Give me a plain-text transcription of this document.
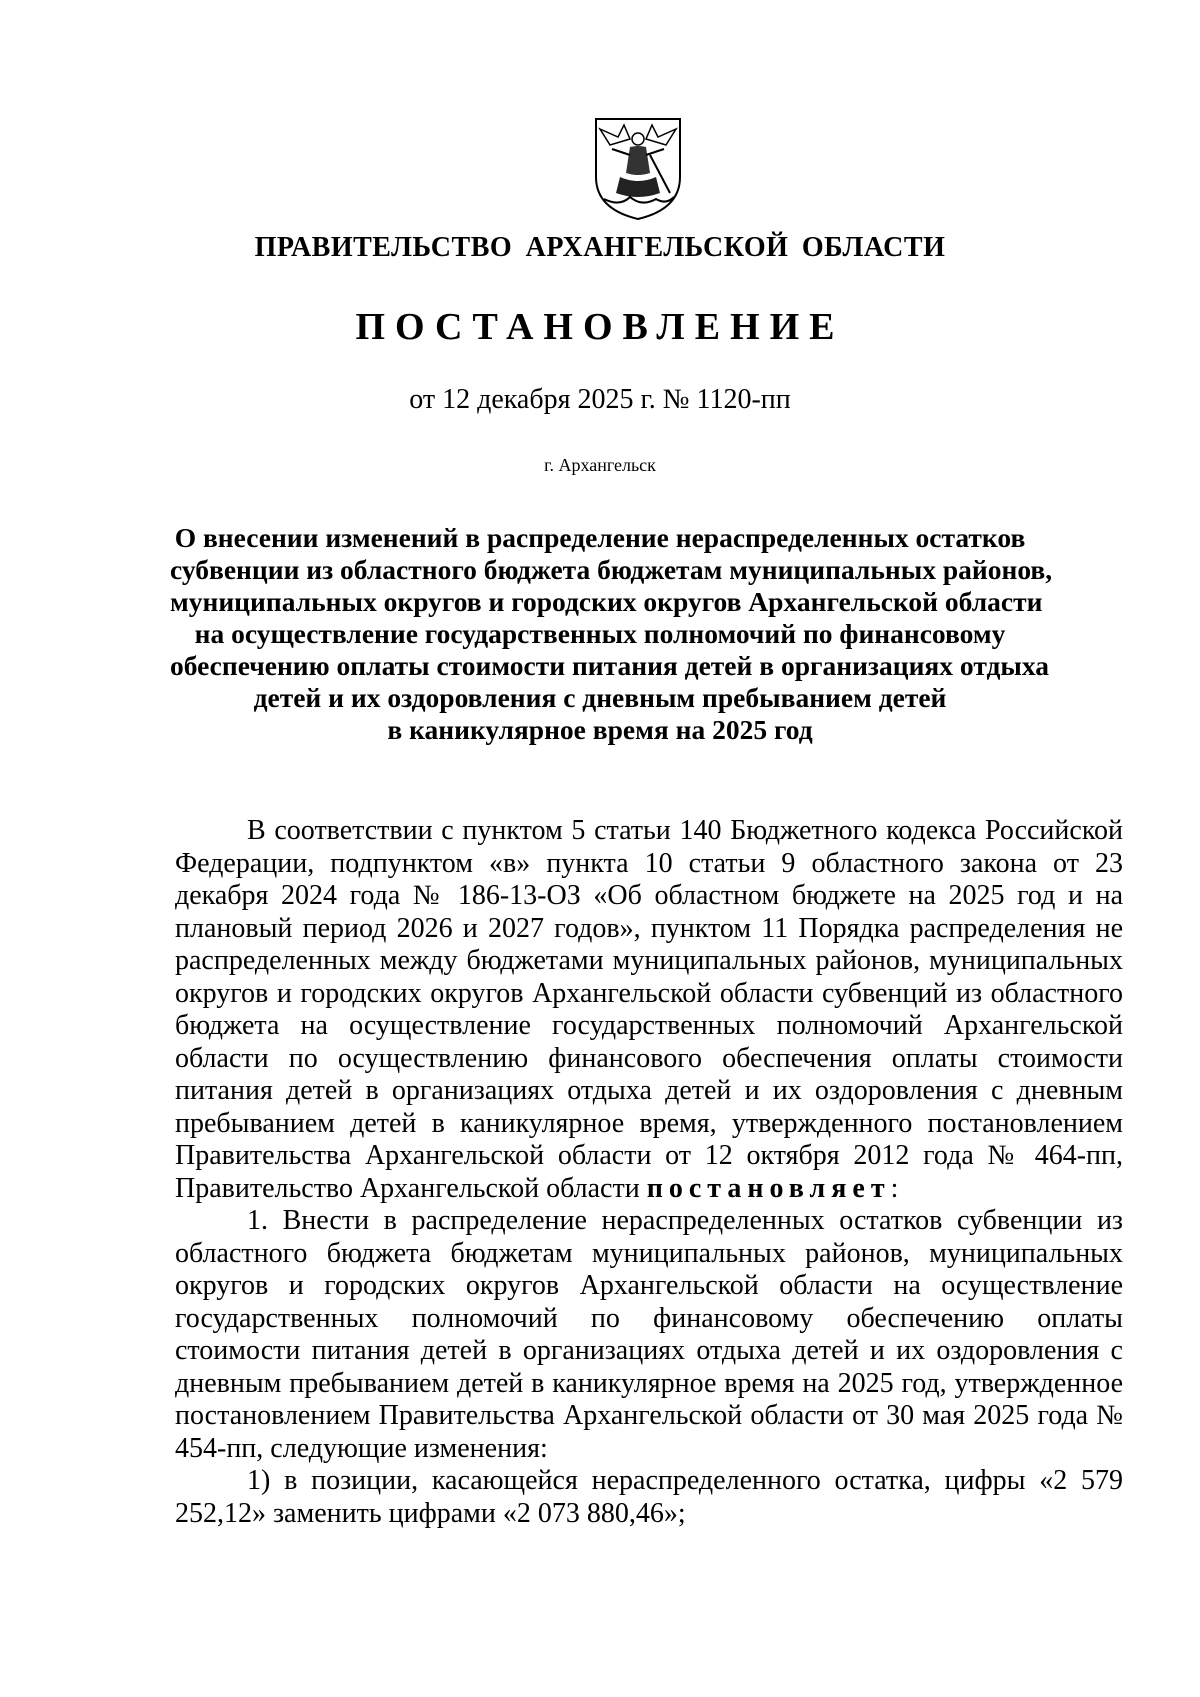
ПРАВИТЕЛЬСТВО АРХАНГЕЛЬСКОЙ ОБЛАСТИ
ПОСТАНОВЛЕНИЕ
от 12 декабря 2025 г. № 1120-пп
г. Архангельск
О внесении изменений в распределение нераспределенных остатков
субвенции из областного бюджета бюджетам муниципальных районов,
муниципальных округов и городских округов Архангельской области
на осуществление государственных полномочий по финансовому
обеспечению оплаты стоимости питания детей в организациях отдыха
детей и их оздоровления с дневным пребыванием детей
в каникулярное время на 2025 год

В соответствии с пунктом 5 статьи 140 Бюджетного кодекса Российской Федерации, подпунктом «в» пункта 10 статьи 9 областного закона от 23 декабря 2024 года № 186-13-ОЗ «Об областном бюджете на 2025 год и на плановый период 2026 и 2027 годов», пунктом 11 Порядка распределения не распределенных между бюджетами муниципальных районов, муниципальных округов и городских округов Архангельской области субвенций из областного бюджета на осуществление государственных полномочий Архангельской области по осуществлению финансового обеспечения оплаты стоимости питания детей в организациях отдыха детей и их оздоровления с дневным пребыванием детей в каникулярное время, утвержденного постановлением Правительства Архангельской области от 12 октября 2012 года № 464-пп, Правительство Архангельской области постановляет:

1. Внести в распределение нераспределенных остатков субвенции из областного бюджета бюджетам муниципальных районов, муниципальных округов и городских округов Архангельской области на осуществление государственных полномочий по финансовому обеспечению оплаты стоимости питания детей в организациях отдыха детей и их оздоровления с дневным пребыванием детей в каникулярное время на 2025 год, утвержденное постановлением Правительства Архангельской области от 30 мая 2025 года № 454-пп, следующие изменения:

1) в позиции, касающейся нераспределенного остатка, цифры «2 579 252,12» заменить цифрами «2 073 880,46»;
